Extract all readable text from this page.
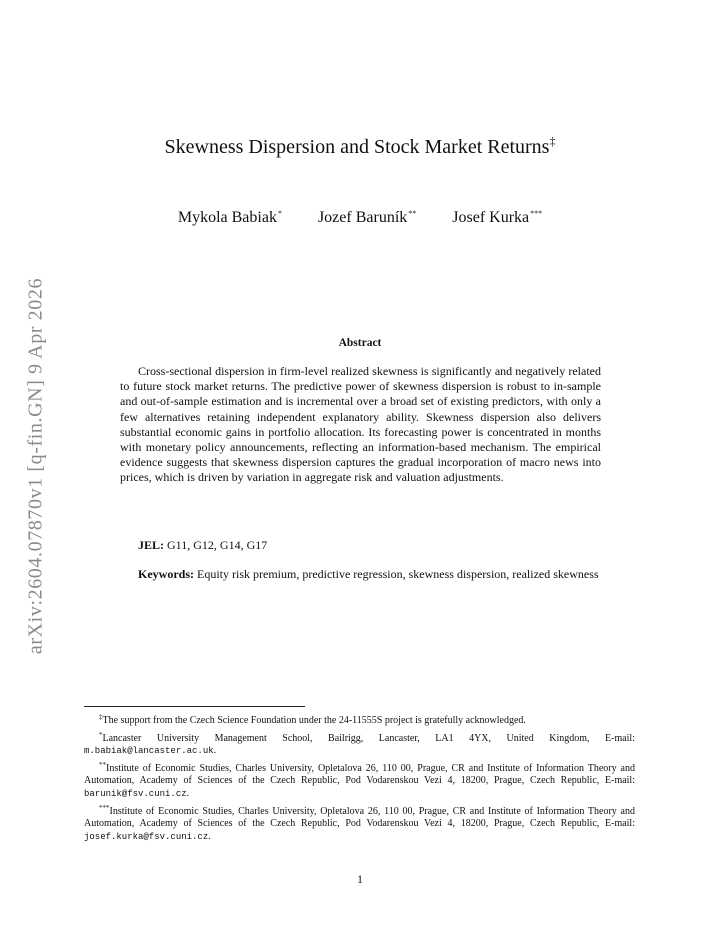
arXiv:2604.07870v1 [q-fin.GN] 9 Apr 2026
Skewness Dispersion and Stock Market Returns‡
Mykola Babiak* Jozef Baruník** Josef Kurka***
Abstract

Cross-sectional dispersion in firm-level realized skewness is significantly and negatively related to future stock market returns. The predictive power of skewness dispersion is robust to in-sample and out-of-sample estimation and is incremental over a broad set of existing predictors, with only a few alternatives retaining independent explanatory ability. Skewness dispersion also delivers substantial economic gains in portfolio allocation. Its forecasting power is concentrated in months with monetary policy announcements, reflecting an information-based mechanism. The empirical evidence suggests that skewness dispersion captures the gradual incorporation of macro news into prices, which is driven by variation in aggregate risk and valuation adjustments.

JEL: G11, G12, G14, G17

Keywords: Equity risk premium, predictive regression, skewness dispersion, realized skewness

‡The support from the Czech Science Foundation under the 24-11555S project is gratefully acknowledged.

*Lancaster University Management School, Bailrigg, Lancaster, LA1 4YX, United Kingdom, E-mail: m.babiak@lancaster.ac.uk.

**Institute of Economic Studies, Charles University, Opletalova 26, 110 00, Prague, CR and Institute of Information Theory and Automation, Academy of Sciences of the Czech Republic, Pod Vodarenskou Vezi 4, 18200, Prague, Czech Republic, E-mail: barunik@fsv.cuni.cz.

***Institute of Economic Studies, Charles University, Opletalova 26, 110 00, Prague, CR and Institute of Information Theory and Automation, Academy of Sciences of the Czech Republic, Pod Vodarenskou Vezi 4, 18200, Prague, Czech Republic, E-mail: josef.kurka@fsv.cuni.cz.

1
